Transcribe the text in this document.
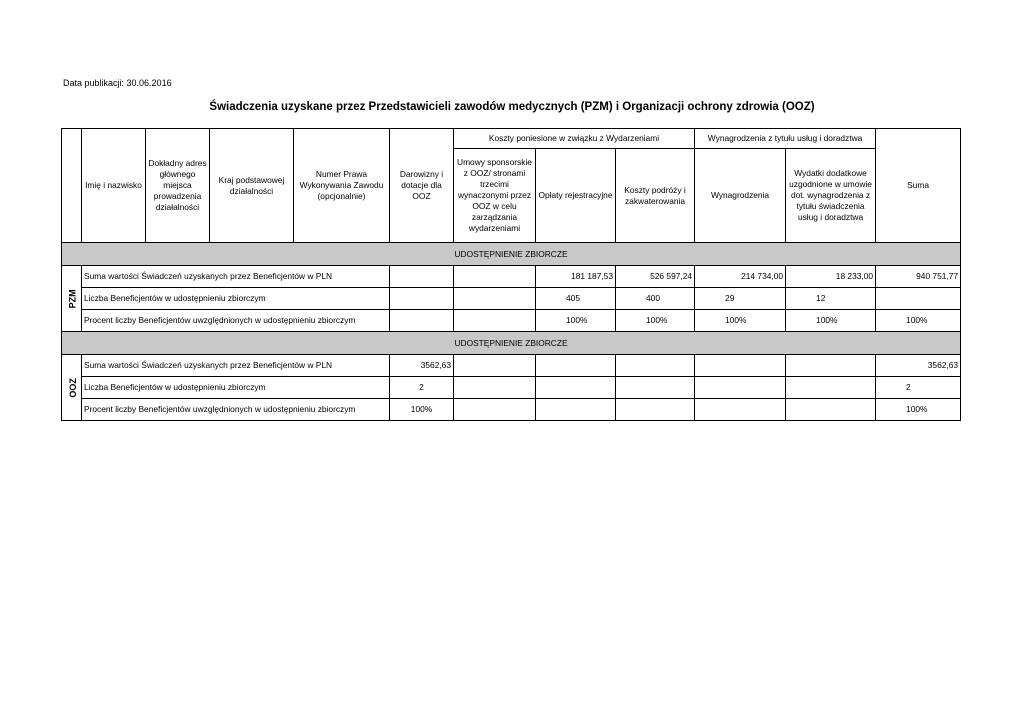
Data publikacji: 30.06.2016
Świadczenia uzyskane przez Przedstawicieli zawodów medycznych (PZM) i Organizacji ochrony zdrowia (OOZ)
	Imię i nazwisko	Dokładny adres głównego miejsca prowadzenia działalności	Kraj podstawowej działalności	Numer Prawa Wykonywania Zawodu (opcjonalnie)	Darowizny i dotacje dla OOZ	Koszty poniesione w związku z Wydarzeniami			Wynagrodzenia z tytułu usług i doradztwa		Suma
						Umowy sponsorskie z OOZ/ stronami trzecimi wynaczonymi przez OOZ w celu zarządzania wydarzeniami	Opłaty rejestracyjne	Koszty podróży i zakwaterowania	Wynagrodzenia	Wydatki dodatkowe uzgodnione w umowie dot. wynagrodzenia z tytułu świadczenia usług i doradztwa	
UDOSTĘPNIENIE ZBIORCZE											
PZM	Suma wartości Świadczeń uzyskanych przez Beneficjentów w PLN						181 187,53	526 597,24	214 734,00	18 233,00	940 751,77
	Liczba Beneficjentów w udostępnieniu zbiorczym						405	400	29	12	
	Procent liczby Beneficjentów uwzględnionych w udostępnieniu zbiorczym						100%	100%	100%	100%	100%
UDOSTĘPNIENIE ZBIORCZE											
OOZ	Suma wartości Świadczeń uzyskanych przez Beneficjentów w PLN				3562,63						3562,63
	Liczba Beneficjentów w udostępnieniu zbiorczym				2						2
	Procent liczby Beneficjentów uwzględnionych w udostępnieniu zbiorczym				100%						100%
